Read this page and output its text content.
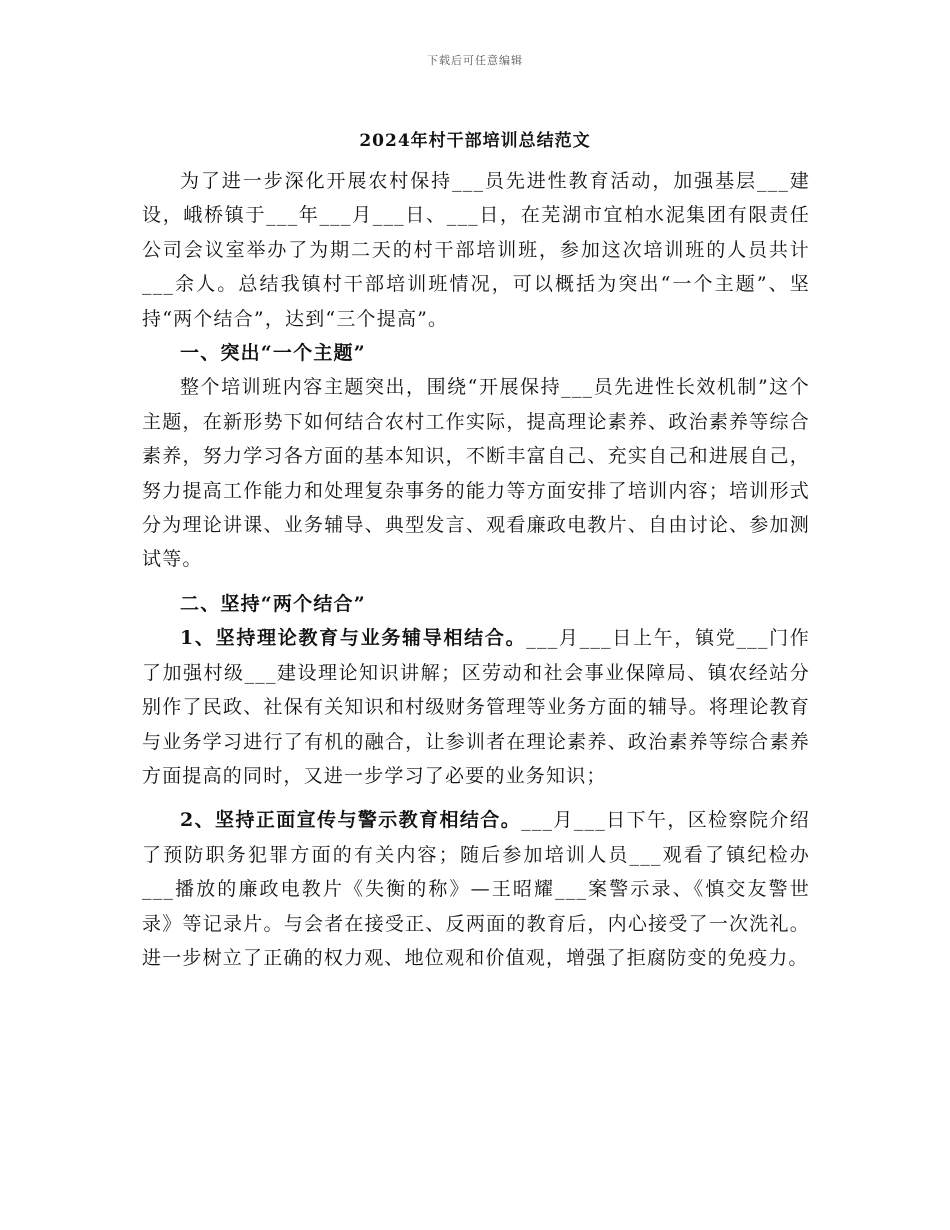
下载后可任意编辑
2024年村干部培训总结范文

为了进一步深化开展农村保持___员先进性教育活动，加强基层___建设，峨桥镇于___年___月___日、___日，在芜湖市宜柏水泥集团有限责任公司会议室举办了为期二天的村干部培训班，参加这次培训班的人员共计___余人。总结我镇村干部培训班情况，可以概括为突出“一个主题”、坚持“两个结合”，达到“三个提高”。

一、突出“一个主题”

整个培训班内容主题突出，围绕“开展保持___员先进性长效机制”这个主题，在新形势下如何结合农村工作实际，提高理论素养、政治素养等综合素养，努力学习各方面的基本知识，不断丰富自己、充实自己和进展自己，努力提高工作能力和处理复杂事务的能力等方面安排了培训内容；培训形式分为理论讲课、业务辅导、典型发言、观看廉政电教片、自由讨论、参加测试等。

二、坚持“两个结合”

1、坚持理论教育与业务辅导相结合。___月___日上午，镇党___门作了加强村级___建设理论知识讲解；区劳动和社会事业保障局、镇农经站分别作了民政、社保有关知识和村级财务管理等业务方面的辅导。将理论教育与业务学习进行了有机的融合，让参训者在理论素养、政治素养等综合素养方面提高的同时，又进一步学习了必要的业务知识；

2、坚持正面宣传与警示教育相结合。___月___日下午，区检察院介绍了预防职务犯罪方面的有关内容；随后参加培训人员___观看了镇纪检办___播放的廉政电教片《失衡的称》—王昭耀___案警示录、《慎交友警世录》等记录片。与会者在接受正、反两面的教育后，内心接受了一次洗礼。进一步树立了正确的权力观、地位观和价值观，增强了拒腐防变的免疫力。
